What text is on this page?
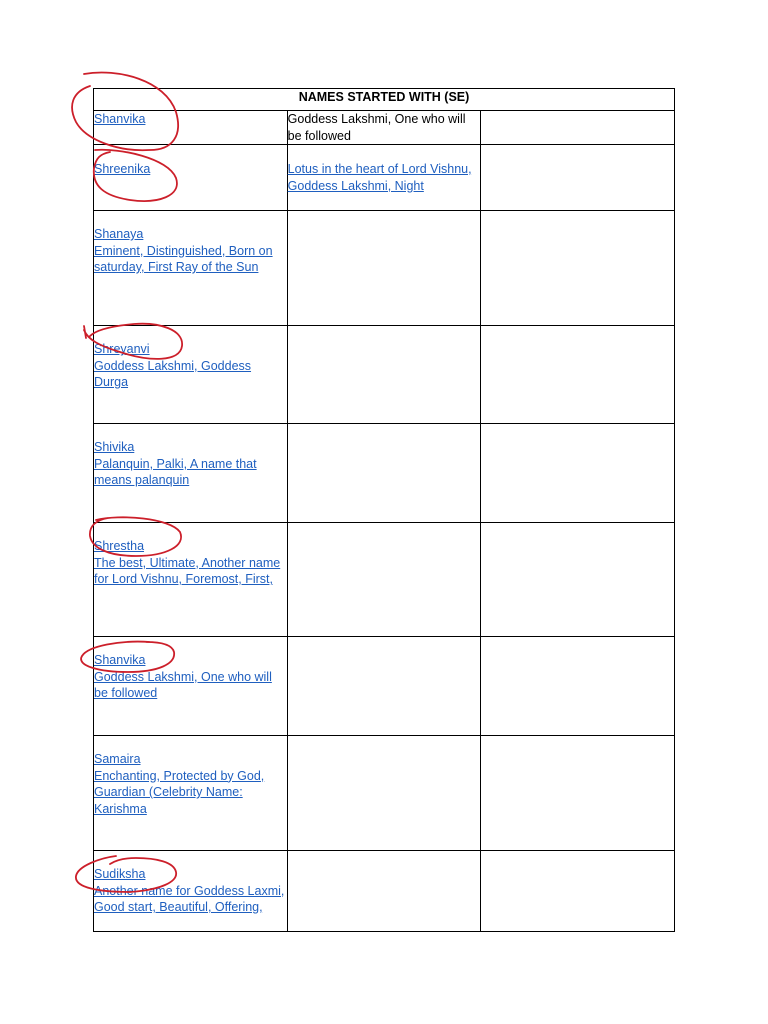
NAMES STARTED WITH (SE)		
Shanvika	Goddess Lakshmi, One who will be followed	

Shreenika	Lotus in the heart of Lord Vishnu, Goddess Lakshmi, Night	

Shanaya
Eminent, Distinguished, Born on saturday, First Ray of the Sun		

Shreyanvi
Goddess Lakshmi, Goddess Durga		

Shivika
Palanquin, Palki, A name that means palanquin		

Shrestha
The best, Ultimate, Another name for Lord Vishnu, Foremost, First,		

Shanvika
Goddess Lakshmi, One who will be followed		

Samaira
Enchanting, Protected by God, Guardian (Celebrity Name: Karishma		

Sudiksha
Another name for Goddess Laxmi, Good start, Beautiful, Offering,		
